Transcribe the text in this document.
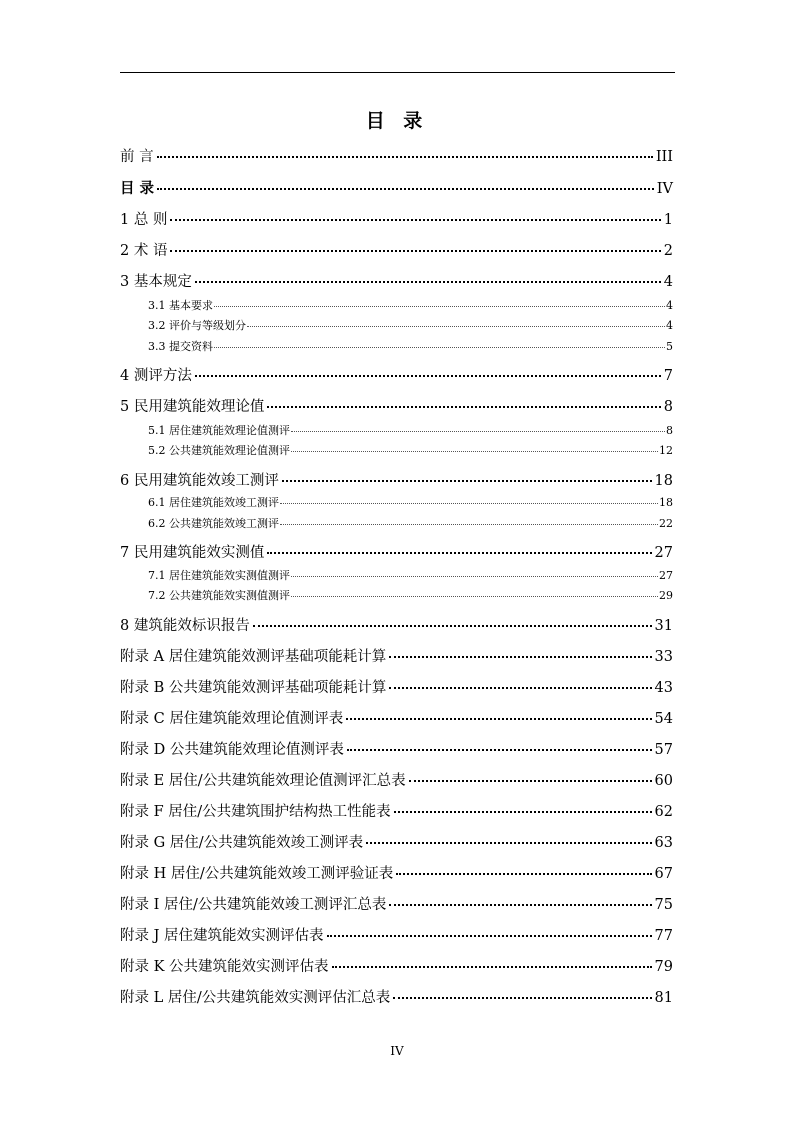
目 录
前 言	III
目 录	IV
1 总 则	1
2 术 语	2
3 基本规定	4
3.1 基本要求	4
3.2 评价与等级划分	4
3.3 提交资料	5
4 测评方法	7
5 民用建筑能效理论值	8
5.1 居住建筑能效理论值测评	8
5.2 公共建筑能效理论值测评	12
6 民用建筑能效竣工测评	18
6.1 居住建筑能效竣工测评	18
6.2 公共建筑能效竣工测评	22
7 民用建筑能效实测值	27
7.1 居住建筑能效实测值测评	27
7.2 公共建筑能效实测值测评	29
8 建筑能效标识报告	31
附录 A 居住建筑能效测评基础项能耗计算	33
附录 B 公共建筑能效测评基础项能耗计算	43
附录 C 居住建筑能效理论值测评表	54
附录 D 公共建筑能效理论值测评表	57
附录 E 居住/公共建筑能效理论值测评汇总表	60
附录 F 居住/公共建筑围护结构热工性能表	62
附录 G 居住/公共建筑能效竣工测评表	63
附录 H 居住/公共建筑能效竣工测评验证表	67
附录 I 居住/公共建筑能效竣工测评汇总表	75
附录 J 居住建筑能效实测评估表	77
附录 K 公共建筑能效实测评估表	79
附录 L 居住/公共建筑能效实测评估汇总表	81
IV
